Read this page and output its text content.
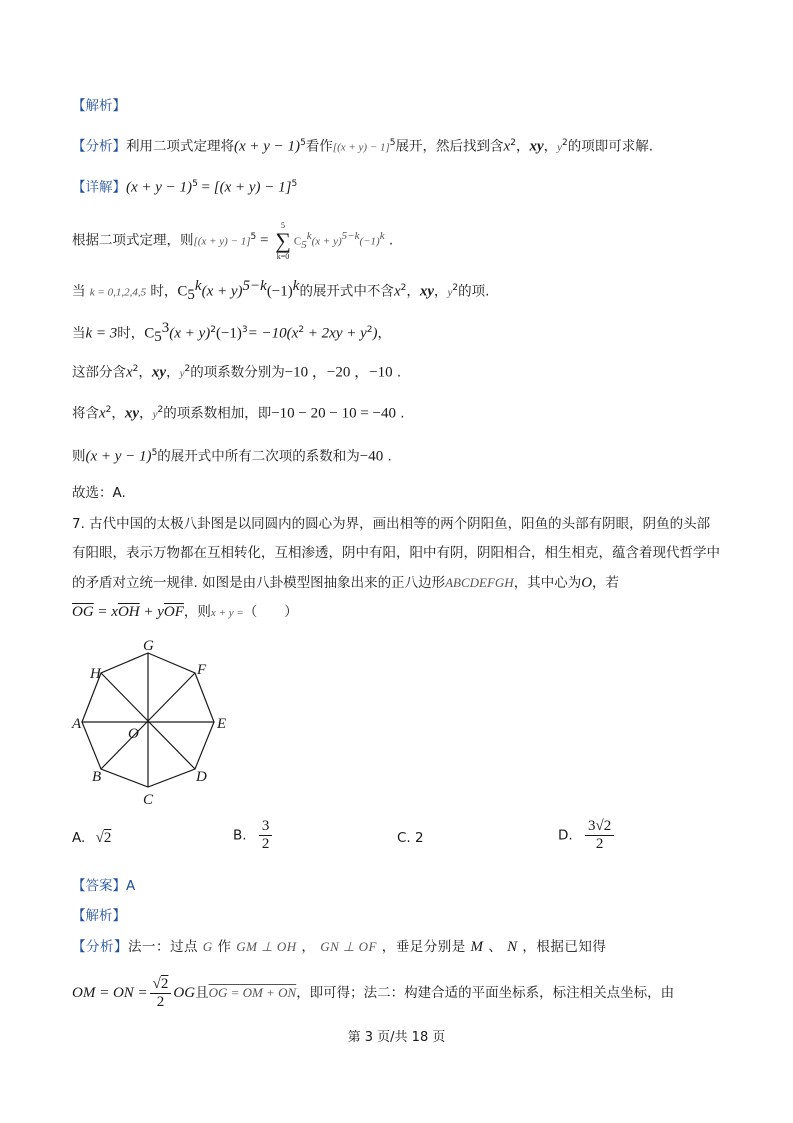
【解析】
【分析】利用二项式定理将$(x + y - 1)^5$看作$[(x + y) - 1]^5$展开，然后找到含$x^2$，xy，$y^2$的项即可求解.
【详解】$(x + y - 1)^5 = [(x + y) - 1]^5$
根据二项式定理，则$[(x + y) - 1]^5$ =
5
∑
k=0
$C_5^k(x + y)^{5-k}(-1)^k$ .
当 k = 0,1,2,4,5 时，$C_5^k(x + y)^{5-k}(-1)^k$的展开式中不含$x^2$，xy，$y^2$的项.
当k = 3时，$C_5^3(x + y)^2(-1)^3= -10(x^2 + 2xy + y^2)$，
这部分含$x^2$，xy，$y^2$的项系数分别为−10 ，−20 ，−10 .
将含$x^2$，xy，$y^2$的项系数相加，即−10 − 20 − 10 = −40 .
则$(x + y - 1)^5$的展开式中所有二次项的系数和为−40 .
故选：A.
7. 古代中国的太极八卦图是以同圆内的圆心为界，画出相等的两个阴阳鱼，阳鱼的头部有阴眼，阴鱼的头部有阳眼，表示万物都在互相转化，互相渗透，阴中有阳，阳中有阴，阴阳相合，相生相克，蕴含着现代哲学中的矛盾对立统一规律. 如图是由八卦模型图抽象出来的正八边形ABCDEFGH，其中心为O，若
$\overline{OG} = x\overline{OH} + y\overline{OF}$，则x + y =（　　）
G
F
E
D
C
B
A
H
O
A. √2	B. $\frac{3}{2}$	C. 2	D. $\frac{3√2}{2}$
【答案】A
【解析】
【分析】法一：过点 G 作 GM ⊥ OH ， GN ⊥ OF ，垂足分别是 M 、 N ，根据已知得
OM = ON = $\frac{√2}{2}$ OG且OG = OM + ON，即可得；法二：构建合适的平面坐标系，标注相关点坐标，由
第 3 页/共 18 页
